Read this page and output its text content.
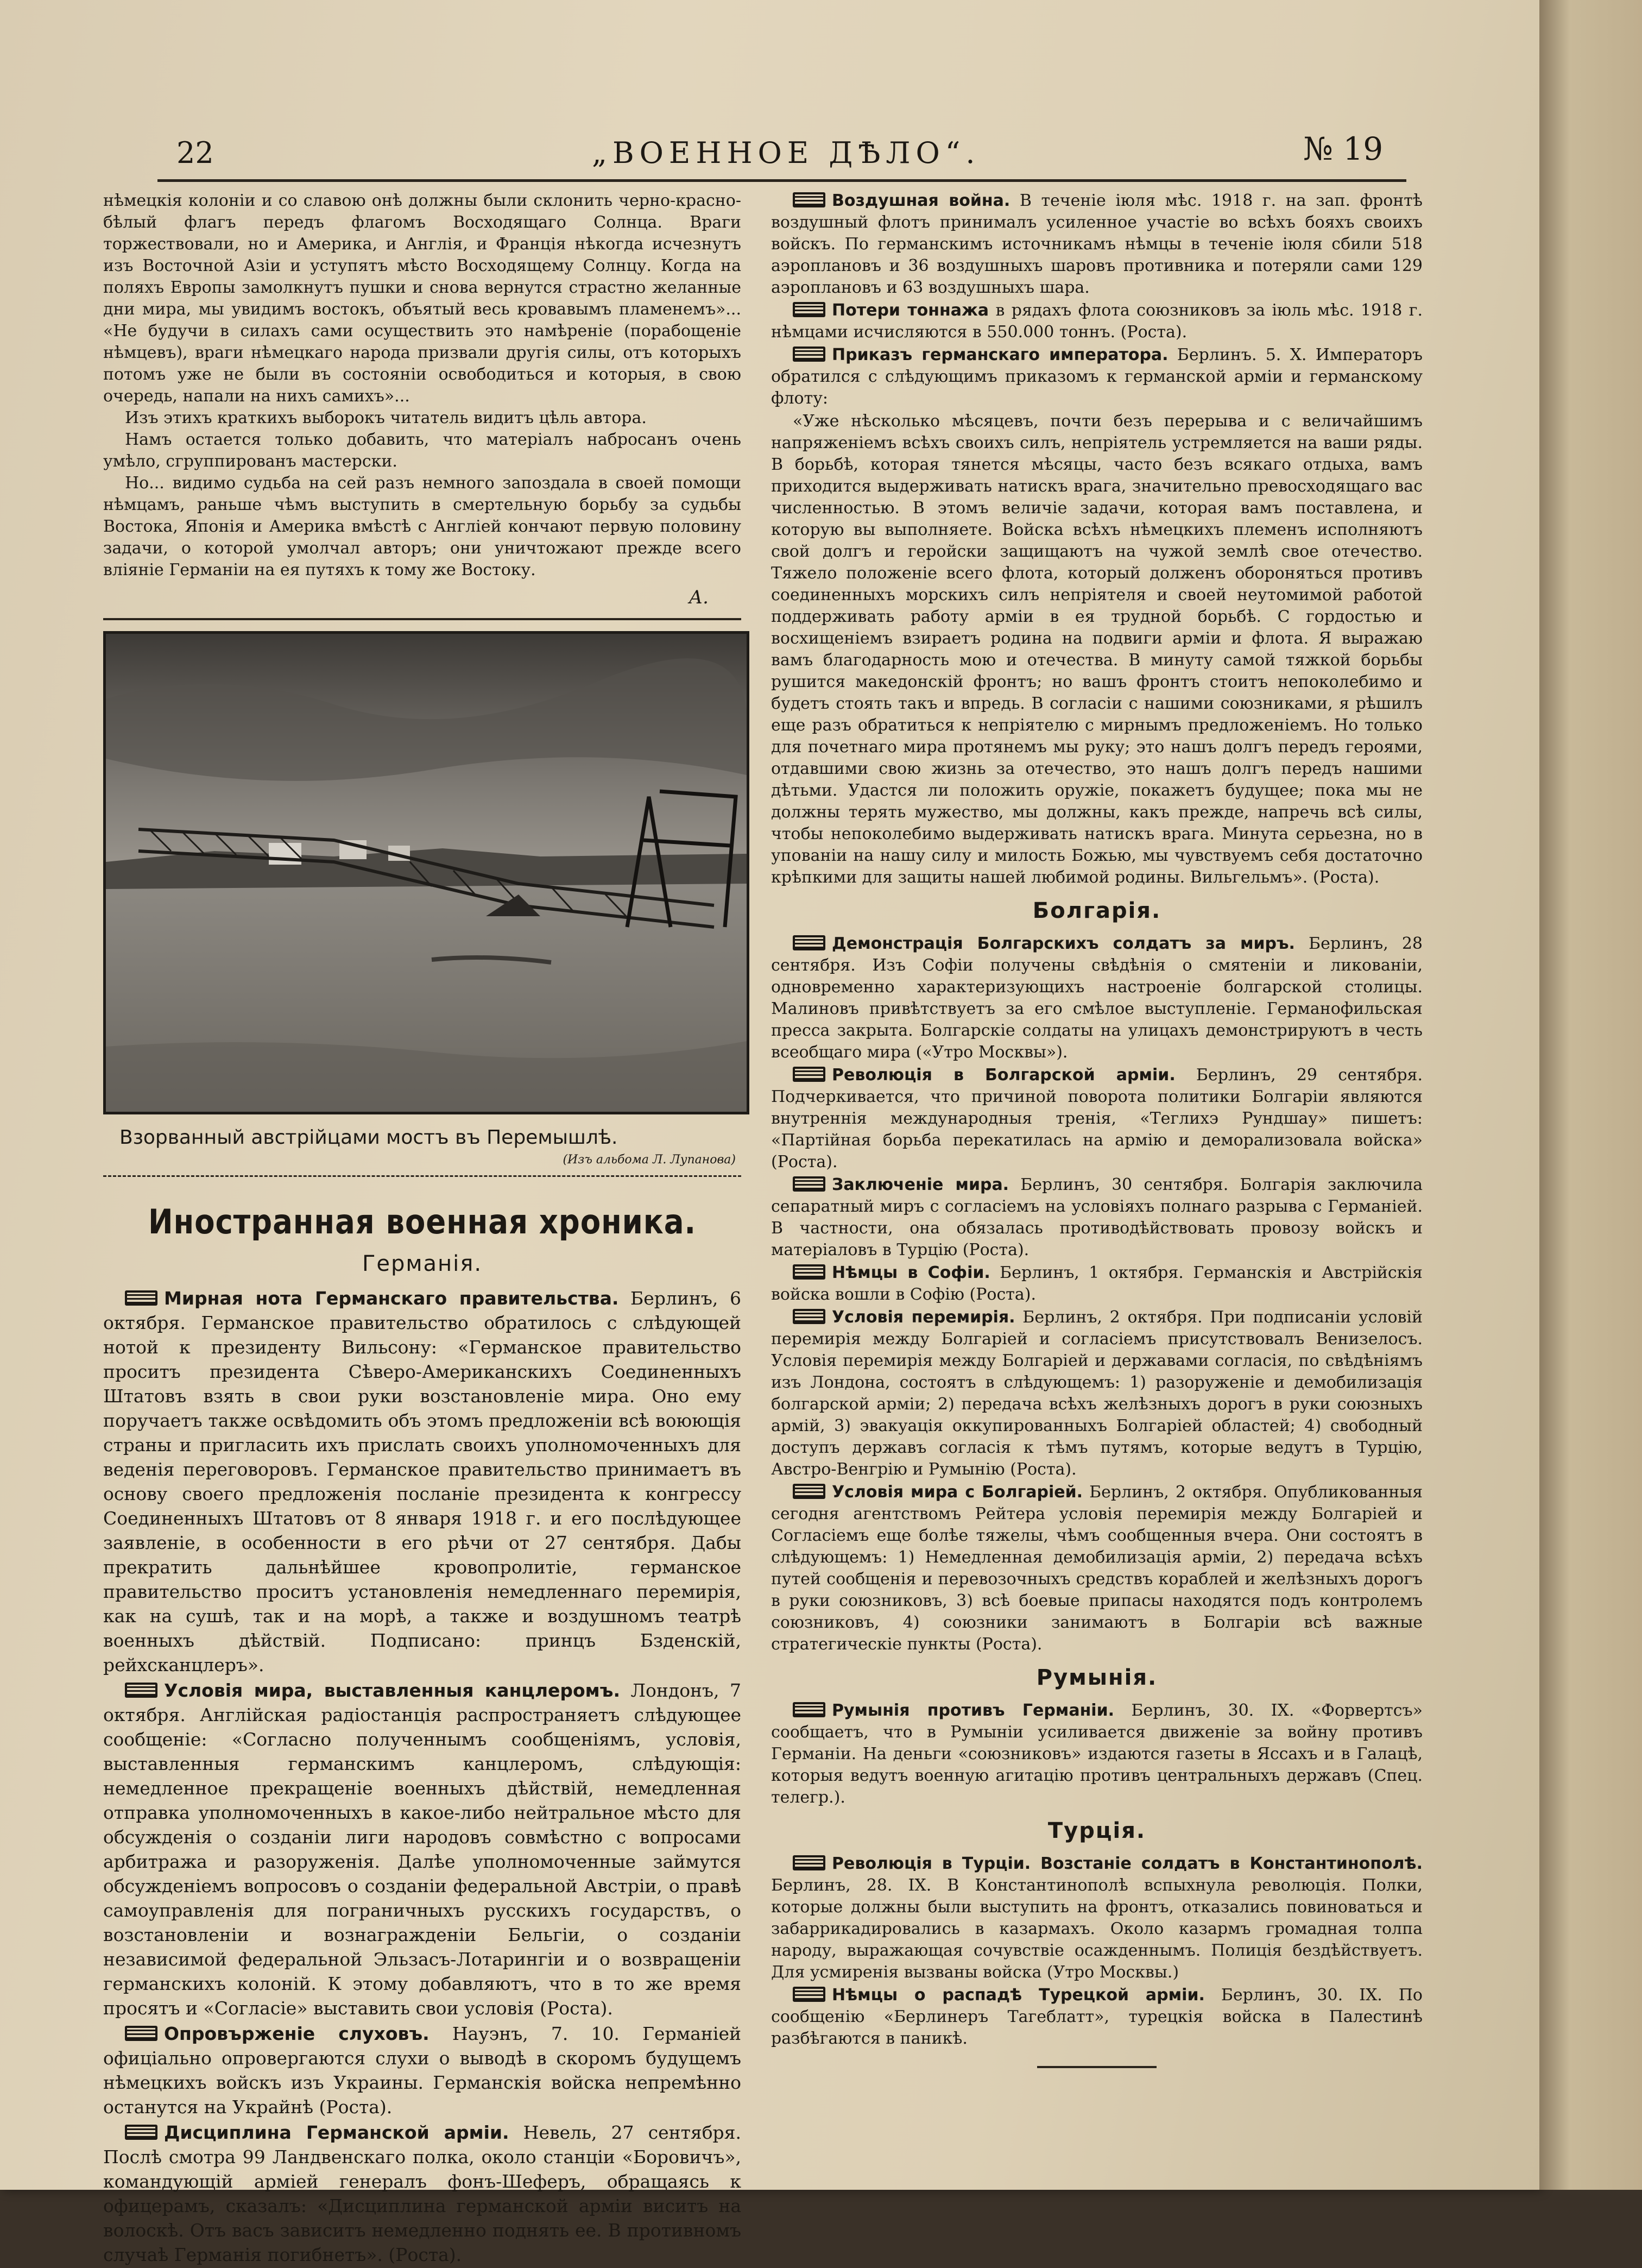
22	„ВОЕННОЕ ДѢЛО“.	№ 19

нѣмецкія колоніи и со славою онѣ должны были склонить черно-красно-бѣлый флагъ передъ флагомъ Восходящаго Солнца. Враги торжествовали, но и Америка, и Англія, и Франція нѣкогда исчезнутъ изъ Восточной Азіи и уступятъ мѣсто Восходящему Солнцу. Когда на поляхъ Европы замолкнутъ пушки и снова вернутся страстно желанные дни мира, мы увидимъ востокъ, объятый весь кровавымъ пламенемъ»... «Не будучи в силахъ сами осуществить это намѣреніе (порабощеніе нѣмцевъ), враги нѣмецкаго народа призвали другія силы, отъ которыхъ потомъ уже не были въ состояніи освободиться и которыя, в свою очередь, напали на нихъ самихъ»...

Изъ этихъ краткихъ выборокъ читатель видитъ цѣль автора.

Намъ остается только добавить, что матеріалъ набросанъ очень умѣло, сгруппированъ мастерски.

Но... видимо судьба на сей разъ немного запоздала в своей помощи нѣмцамъ, раньше чѣмъ выступить в смертельную борьбу за судьбы Востока, Японія и Америка вмѣстѣ с Англіей кончают первую половину задачи, о которой умолчал авторъ; они уничтожают прежде всего вліяніе Германіи на ея путяхъ к тому же Востоку.

А.
Взорванный австрійцами мостъ въ Перемышлѣ.
(Изъ альбома Л. Лупанова)
Иностранная военная хроника.
Германія.

Мирная нота Германскаго правительства. Берлинъ, 6 октября. Германское правительство обратилось с слѣдующей нотой к президенту Вильсону: «Германское правительство проситъ президента Сѣверо-Американскихъ Соединенныхъ Штатовъ взять в свои руки возстановленіе мира. Оно ему поручаетъ также освѣдомить объ этомъ предложеніи всѣ воюющія страны и пригласить ихъ прислать своихъ уполномоченныхъ для веденія переговоровъ. Германское правительство принимаетъ въ основу своего предложенія посланіе президента к конгрессу Соединенныхъ Штатовъ от 8 января 1918 г. и его послѣдующее заявленіе, в особенности в его рѣчи от 27 сентября. Дабы прекратить дальнѣйшее кровопролитіе, германское правительство проситъ установленія немедленнаго перемирія, как на сушѣ, так и на морѣ, а также и воздушномъ театрѣ военныхъ дѣйствій. Подписано: принцъ Бзденскій, рейхсканцлеръ».

Условія мира, выставленныя канцлеромъ. Лондонъ, 7 октября. Англійская радіостанція распространяетъ слѣдующее сообщеніе: «Согласно полученнымъ сообщеніямъ, условія, выставленныя германскимъ канцлеромъ, слѣдующія: немедленное прекращеніе военныхъ дѣйствій, немедленная отправка уполномоченныхъ в какое-либо нейтральное мѣсто для обсужденія о созданіи лиги народовъ совмѣстно с вопросами арбитража и разоруженія. Далѣе уполномоченные займутся обсужденіемъ вопросовъ о созданіи федеральной Австріи, о правѣ самоуправленія для пограничныхъ русскихъ государствъ, о возстановленіи и вознагражденіи Бельгіи, о созданіи независимой федеральной Эльзасъ-Лотарингіи и о возвращеніи германскихъ колоній. К этому добавляютъ, что в то же время просятъ и «Согласіе» выставить свои условія (Роста).

Опровърженіе слуховъ. Науэнъ, 7. 10. Германіей офиціально опровергаются слухи о выводѣ в скоромъ будущемъ нѣмецкихъ войскъ изъ Украины. Германскія войска непремѣнно останутся на Украйнѣ (Роста).

Дисциплина Германской арміи. Невель, 27 сентября. Послѣ смотра 99 Ландвенскаго полка, около станціи «Боровичъ», командующій арміей генералъ фонъ-Шеферъ, обращаясь к офицерамъ, сказалъ: «Дисциплина германской арміи виситъ на волоскѣ. Отъ васъ зависитъ немедленно поднять ее. В противномъ случаѣ Германія погибнетъ». (Роста).

Воздушная война. В теченіе іюля мѣс. 1918 г. на зап. фронтѣ воздушный флотъ принималъ усиленное участіе во всѣхъ бояхъ своихъ войскъ. По германскимъ источникамъ нѣмцы в теченіе іюля сбили 518 аэроплановъ и 36 воздушныхъ шаровъ противника и потеряли сами 129 аэроплановъ и 63 воздушныхъ шара.

Потери тоннажа в рядахъ флота союзниковъ за іюль мѣс. 1918 г. нѣмцами исчисляются в 550.000 тоннъ. (Роста).

Приказъ германскаго императора. Берлинъ. 5. X. Императоръ обратился с слѣдующимъ приказомъ к германской арміи и германскому флоту:

«Уже нѣсколько мѣсяцевъ, почти безъ перерыва и с величайшимъ напряженіемъ всѣхъ своихъ силъ, непріятель устремляется на ваши ряды. В борьбѣ, которая тянется мѣсяцы, часто безъ всякаго отдыха, вамъ приходится выдерживать натискъ врага, значительно превосходящаго вас численностью. В этомъ величіе задачи, которая вамъ поставлена, и которую вы выполняете. Войска всѣхъ нѣмецкихъ племенъ исполняютъ свой долгъ и геройски защищаютъ на чужой землѣ свое отечество. Тяжело положеніе всего флота, который долженъ обороняться противъ соединенныхъ морскихъ силъ непріятеля и своей неутомимой работой поддерживать работу арміи в ея трудной борьбѣ. С гордостью и восхищеніемъ взираетъ родина на подвиги арміи и флота. Я выражаю вамъ благодарность мою и отечества. В минуту самой тяжкой борьбы рушится македонскій фронтъ; но вашъ фронтъ стоитъ непоколебимо и будетъ стоять такъ и впредь. В согласіи с нашими союзниками, я рѣшилъ еще разъ обратиться к непріятелю с мирнымъ предложеніемъ. Но только для почетнаго мира протянемъ мы руку; это нашъ долгъ передъ героями, отдавшими свою жизнь за отечество, это нашъ долгъ передъ нашими дѣтьми. Удастся ли положить оружіе, покажетъ будущее; пока мы не должны терять мужество, мы должны, какъ прежде, напречь всѣ силы, чтобы непоколебимо выдерживать натискъ врага. Минута серьезна, но в упованіи на нашу силу и милость Божью, мы чувствуемъ себя достаточно крѣпкими для защиты нашей любимой родины. Вильгельмъ». (Роста).

Болгарія.

Демонстрація Болгарскихъ солдатъ за миръ. Берлинъ, 28 сентября. Изъ Софіи получены свѣдѣнія о смятеніи и ликованіи, одновременно характеризующихъ настроеніе болгарской столицы. Малиновъ привѣтствуетъ за его смѣлое выступленіе. Германофильская пресса закрыта. Болгарскіе солдаты на улицахъ демонстрируютъ в честь всеобщаго мира («Утро Москвы»).

Революція в Болгарской арміи. Берлинъ, 29 сентября. Подчеркивается, что причиной поворота политики Болгаріи являются внутреннія международныя тренія, «Теглихэ Рундшау» пишетъ: «Партійная борьба перекатилась на армію и деморализовала войска» (Роста).

Заключеніе мира. Берлинъ, 30 сентября. Болгарія заключила сепаратный миръ с согласіемъ на условіяхъ полнаго разрыва с Германіей. В частности, она обязалась противодѣйствовать провозу войскъ и матеріаловъ в Турцію (Роста).

Нѣмцы в Софіи. Берлинъ, 1 октября. Германскія и Австрійскія войска вошли в Софію (Роста).

Условія перемирія. Берлинъ, 2 октября. При подписаніи условій перемирія между Болгаріей и согласіемъ присутствовалъ Венизелосъ. Условія перемирія между Болгаріей и державами согласія, по свѣдѣніямъ изъ Лондона, состоятъ в слѣдующемъ: 1) разоруженіе и демобилизація болгарской арміи; 2) передача всѣхъ желѣзныхъ дорогъ в руки союзныхъ армій, 3) эвакуація оккупированныхъ Болгаріей областей; 4) свободный доступъ державъ согласія к тѣмъ путямъ, которые ведутъ в Турцію, Австро-Венгрію и Румынію (Роста).

Условія мира с Болгаріей. Берлинъ, 2 октября. Опубликованныя сегодня агентствомъ Рейтера условія перемирія между Болгаріей и Согласіемъ еще болѣе тяжелы, чѣмъ сообщенныя вчера. Они состоятъ в слѣдующемъ: 1) Немедленная демобилизація арміи, 2) передача всѣхъ путей сообщенія и перевозочныхъ средствъ кораблей и желѣзныхъ дорогъ в руки союзниковъ, 3) всѣ боевые припасы находятся подъ контролемъ союзниковъ, 4) союзники занимаютъ в Болгаріи всѣ важные стратегическіе пункты (Роста).

Румынія.

Румынія противъ Германіи. Берлинъ, 30. IX. «Форвертсъ» сообщаетъ, что в Румыніи усиливается движеніе за войну противъ Германіи. На деньги «союзниковъ» издаются газеты в Яссахъ и в Галацѣ, которыя ведутъ военную агитацію противъ центральныхъ державъ (Спец. телегр.).

Турція.

Революція в Турціи. Возстаніе солдатъ в Константинополѣ. Берлинъ, 28. IX. В Константинополѣ вспыхнула революція. Полки, которые должны были выступить на фронтъ, отказались повиноваться и забаррикадировались в казармахъ. Около казармъ громадная толпа народу, выражающая сочувствіе осажденнымъ. Полиція бездѣйствуетъ. Для усмиренія вызваны войска (Утро Москвы.)

Нѣмцы о распадѣ Турецкой арміи. Берлинъ, 30. IX. По сообщенію «Берлинеръ Тагеблатт», турецкія войска в Палестинѣ разбѣгаются в паникѣ.
